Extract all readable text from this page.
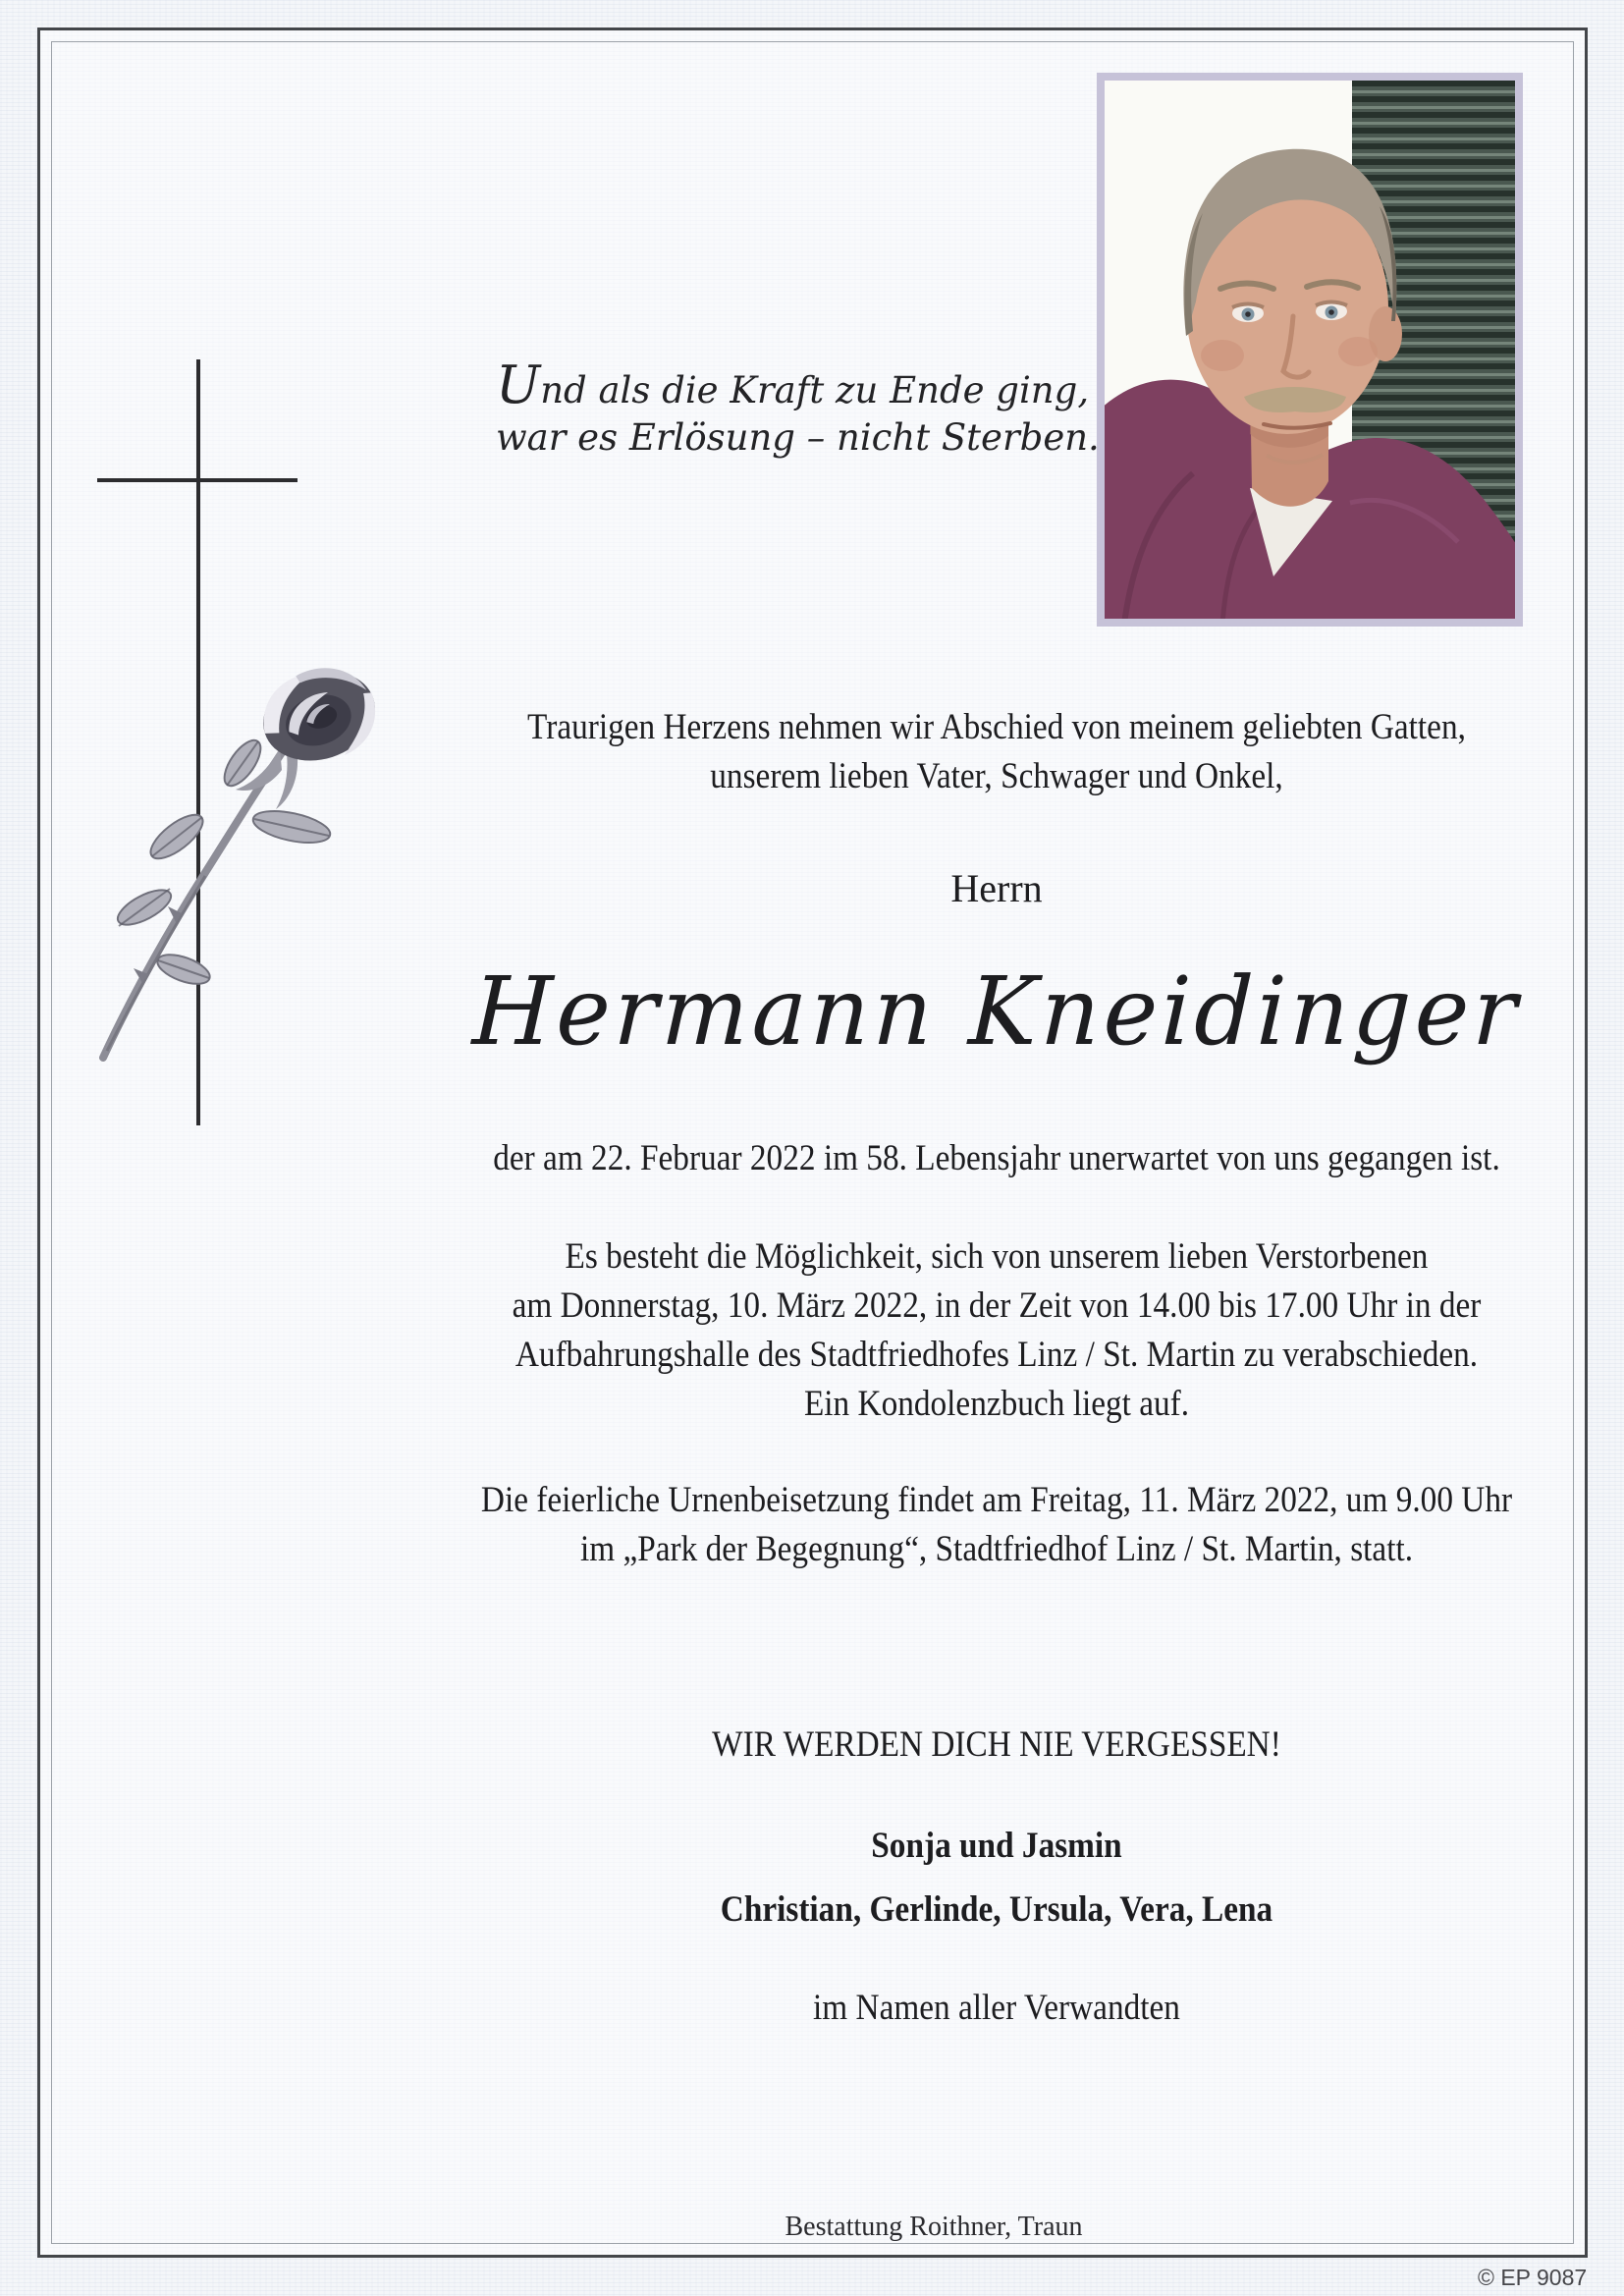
Und als die Kraft zu Ende ging,
war es Erlösung – nicht Sterben.
Traurigen Herzens nehmen wir Abschied von meinem geliebten Gatten,
unserem lieben Vater, Schwager und Onkel,
Herrn
Hermann Kneidinger
der am 22. Februar 2022 im 58. Lebensjahr unerwartet von uns gegangen ist.
Es besteht die Möglichkeit, sich von unserem lieben Verstorbenen
am Donnerstag, 10. März 2022, in der Zeit von 14.00 bis 17.00 Uhr in der
Aufbahrungshalle des Stadtfriedhofes Linz / St. Martin zu verabschieden.
Ein Kondolenzbuch liegt auf.
Die feierliche Urnenbeisetzung findet am Freitag, 11. März 2022, um 9.00 Uhr
im „Park der Begegnung“, Stadtfriedhof Linz / St. Martin, statt.
WIR WERDEN DICH NIE VERGESSEN!
Sonja und Jasmin
Christian, Gerlinde, Ursula, Vera, Lena
im Namen aller Verwandten
Bestattung Roithner, Traun
© EP 9087
